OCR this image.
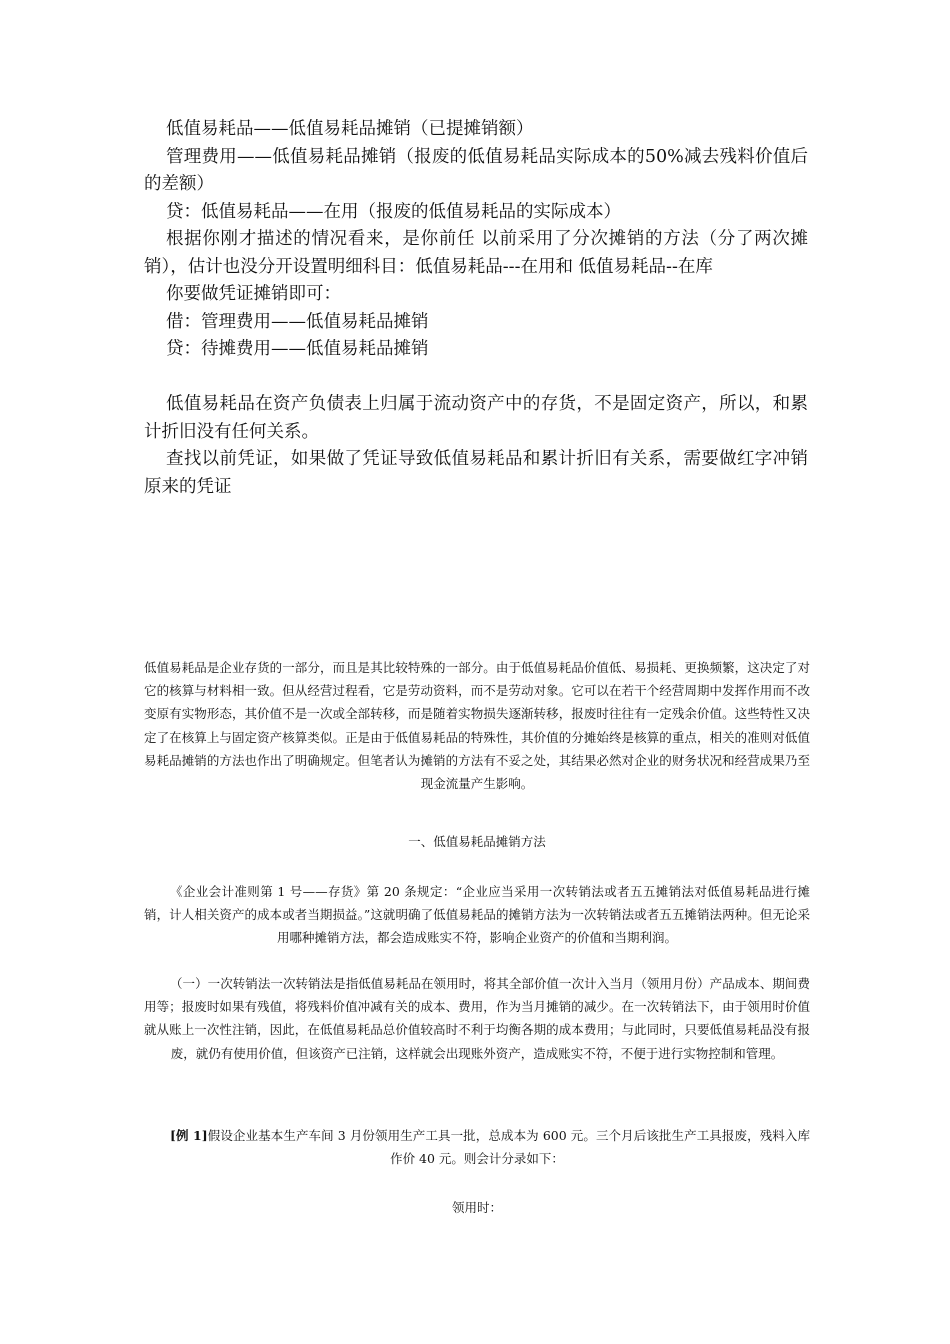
低值易耗品——低值易耗品摊销（已提摊销额）

管理费用——低值易耗品摊销（报废的低值易耗品实际成本的50%减去残料价值后的差额）

贷：低值易耗品——在用（报废的低值易耗品的实际成本）

根据你刚才描述的情况看来，是你前任 以前采用了分次摊销的方法（分了两次摊销），估计也没分开设置明细科目：低值易耗品---在用和 低值易耗品--在库

你要做凭证摊销即可：

借：管理费用——低值易耗品摊销

贷：待摊费用——低值易耗品摊销

低值易耗品在资产负债表上归属于流动资产中的存货，不是固定资产，所以，和累计折旧没有任何关系。

查找以前凭证，如果做了凭证导致低值易耗品和累计折旧有关系，需要做红字冲销原来的凭证

低值易耗品是企业存货的一部分，而且是其比较特殊的一部分。由于低值易耗品价值低、易损耗、更换频繁，这决定了对它的核算与材料相一致。但从经营过程看，它是劳动资料，而不是劳动对象。它可以在若干个经营周期中发挥作用而不改变原有实物形态，其价值不是一次或全部转移，而是随着实物损失逐渐转移，报废时往往有一定残余价值。这些特性又决定了在核算上与固定资产核算类似。正是由于低值易耗品的特殊性，其价值的分摊始终是核算的重点，相关的准则对低值易耗品摊销的方法也作出了明确规定。但笔者认为摊销的方法有不妥之处，其结果必然对企业的财务状况和经营成果乃至现金流量产生影响。

一、低值易耗品摊销方法

《企业会计准则第 1 号——存货》第 20 条规定：“企业应当采用一次转销法或者五五摊销法对低值易耗品进行摊销，计人相关资产的成本或者当期损益。”这就明确了低值易耗品的摊销方法为一次转销法或者五五摊销法两种。但无论采用哪种摊销方法，都会造成账实不符，影响企业资产的价值和当期利润。

（一）一次转销法一次转销法是指低值易耗品在领用时，将其全部价值一次计入当月（领用月份）产品成本、期间费用等；报废时如果有残值，将残料价值冲减有关的成本、费用，作为当月摊销的减少。在一次转销法下，由于领用时价值就从账上一次性注销，因此，在低值易耗品总价值较高时不利于均衡各期的成本费用；与此同时，只要低值易耗品没有报废，就仍有使用价值，但该资产已注销，这样就会出现账外资产，造成账实不符，不便于进行实物控制和管理。

[例 1]假设企业基本生产车间 3 月份领用生产工具一批，总成本为 600 元。三个月后该批生产工具报废，残料入库作价 40 元。则会计分录如下：

领用时：
